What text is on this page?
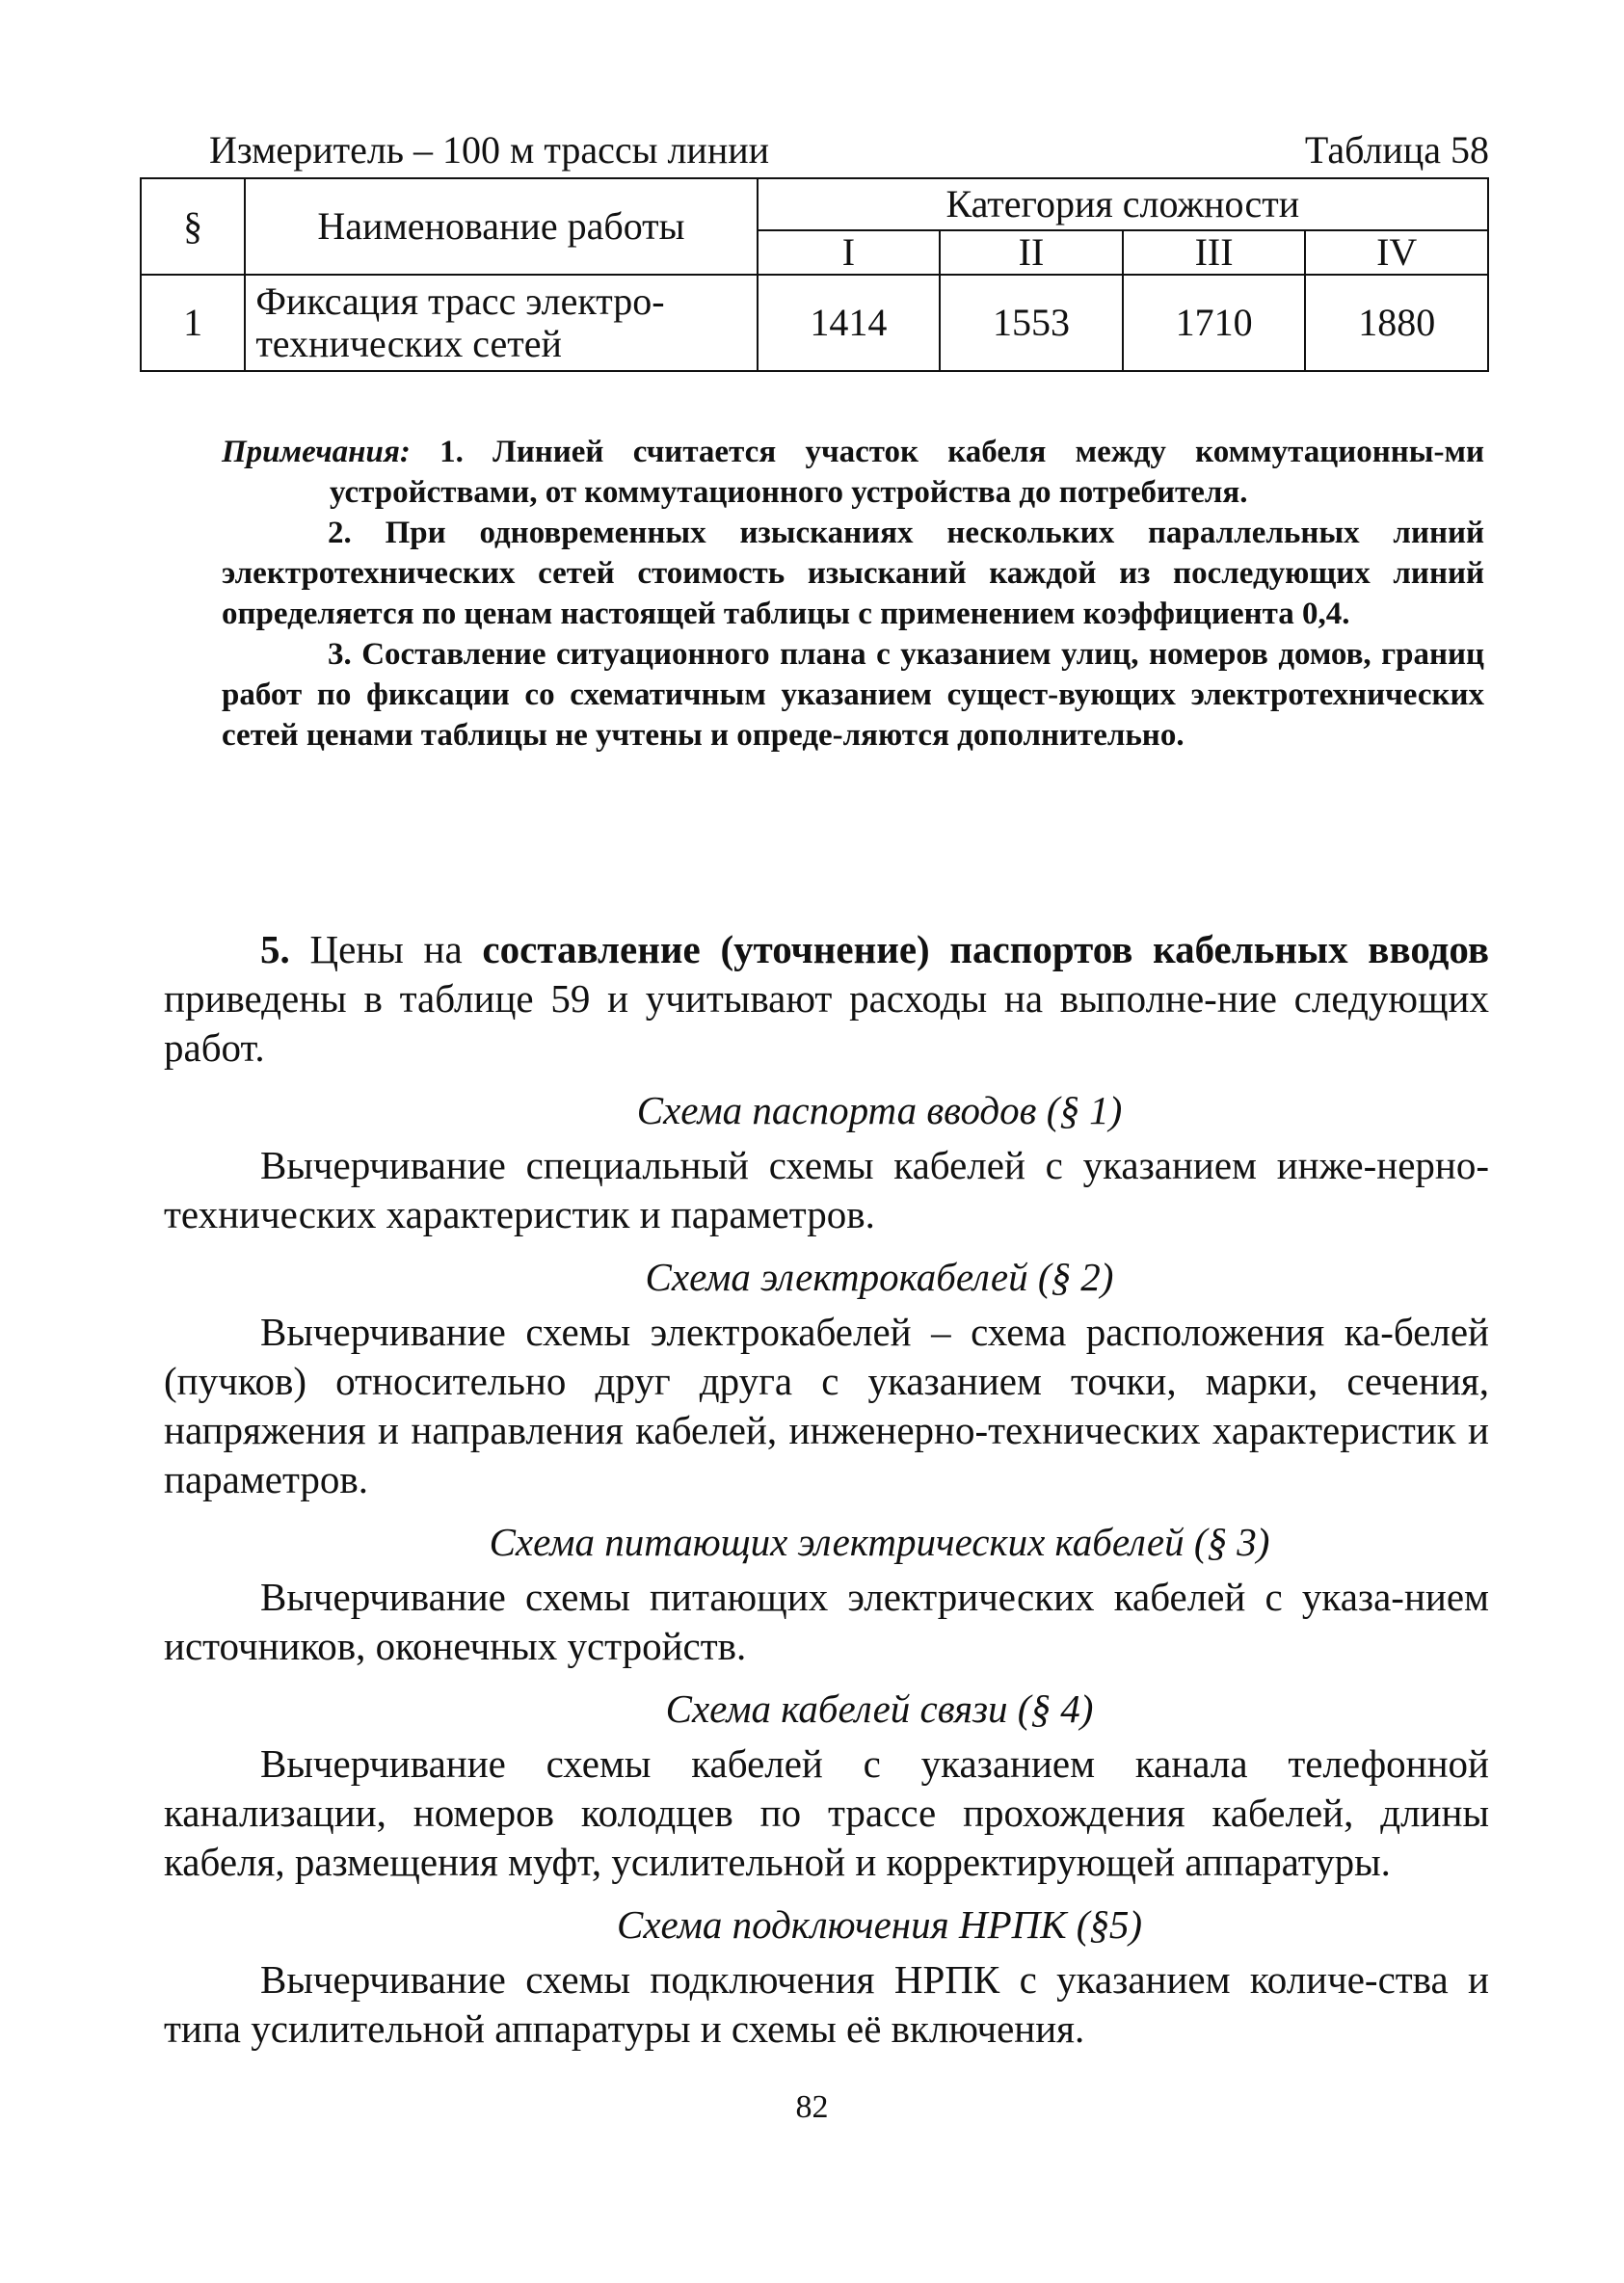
Измеритель – 100 м трассы линии	Таблица 58
§	Наименование работы	Категория сложности			
		I	II	III	IV
1	Фиксация трасс электро-технических сетей	1414	1553	1710	1880

Примечания: 1. Линией считается участок кабеля между коммутационны-ми устройствами, от коммутационного устройства до потребителя.

2. При одновременных изысканиях нескольких параллельных линий электротехнических сетей стоимость изысканий каждой из последующих линий определяется по ценам настоящей таблицы с применением коэффициента 0,4.

3. Составление ситуационного плана с указанием улиц, номеров домов, границ работ по фиксации со схематичным указанием сущест-вующих электротехнических сетей ценами таблицы не учтены и опреде-ляются дополнительно.

5. Цены на составление (уточнение) паспортов кабельных вводов приведены в таблице 59 и учитывают расходы на выполне-ние следующих работ.

Схема паспорта вводов (§ 1)

Вычерчивание специальный схемы кабелей с указанием инже-нерно-технических характеристик и параметров.

Схема электрокабелей (§ 2)

Вычерчивание схемы электрокабелей – схема расположения ка-белей (пучков) относительно друг друга с указанием точки, марки, сечения, напряжения и направления кабелей, инженерно-технических характеристик и параметров.

Схема питающих электрических кабелей (§ 3)

Вычерчивание схемы питающих электрических кабелей с указа-нием источников, оконечных устройств.

Схема кабелей связи (§ 4)

Вычерчивание схемы кабелей с указанием канала телефонной канализации, номеров колодцев по трассе прохождения кабелей, длины кабеля, размещения муфт, усилительной и корректирующей аппаратуры.

Схема подключения НРПК (§5)

Вычерчивание схемы подключения НРПК с указанием количе-ства и типа усилительной аппаратуры и схемы её включения.

82
